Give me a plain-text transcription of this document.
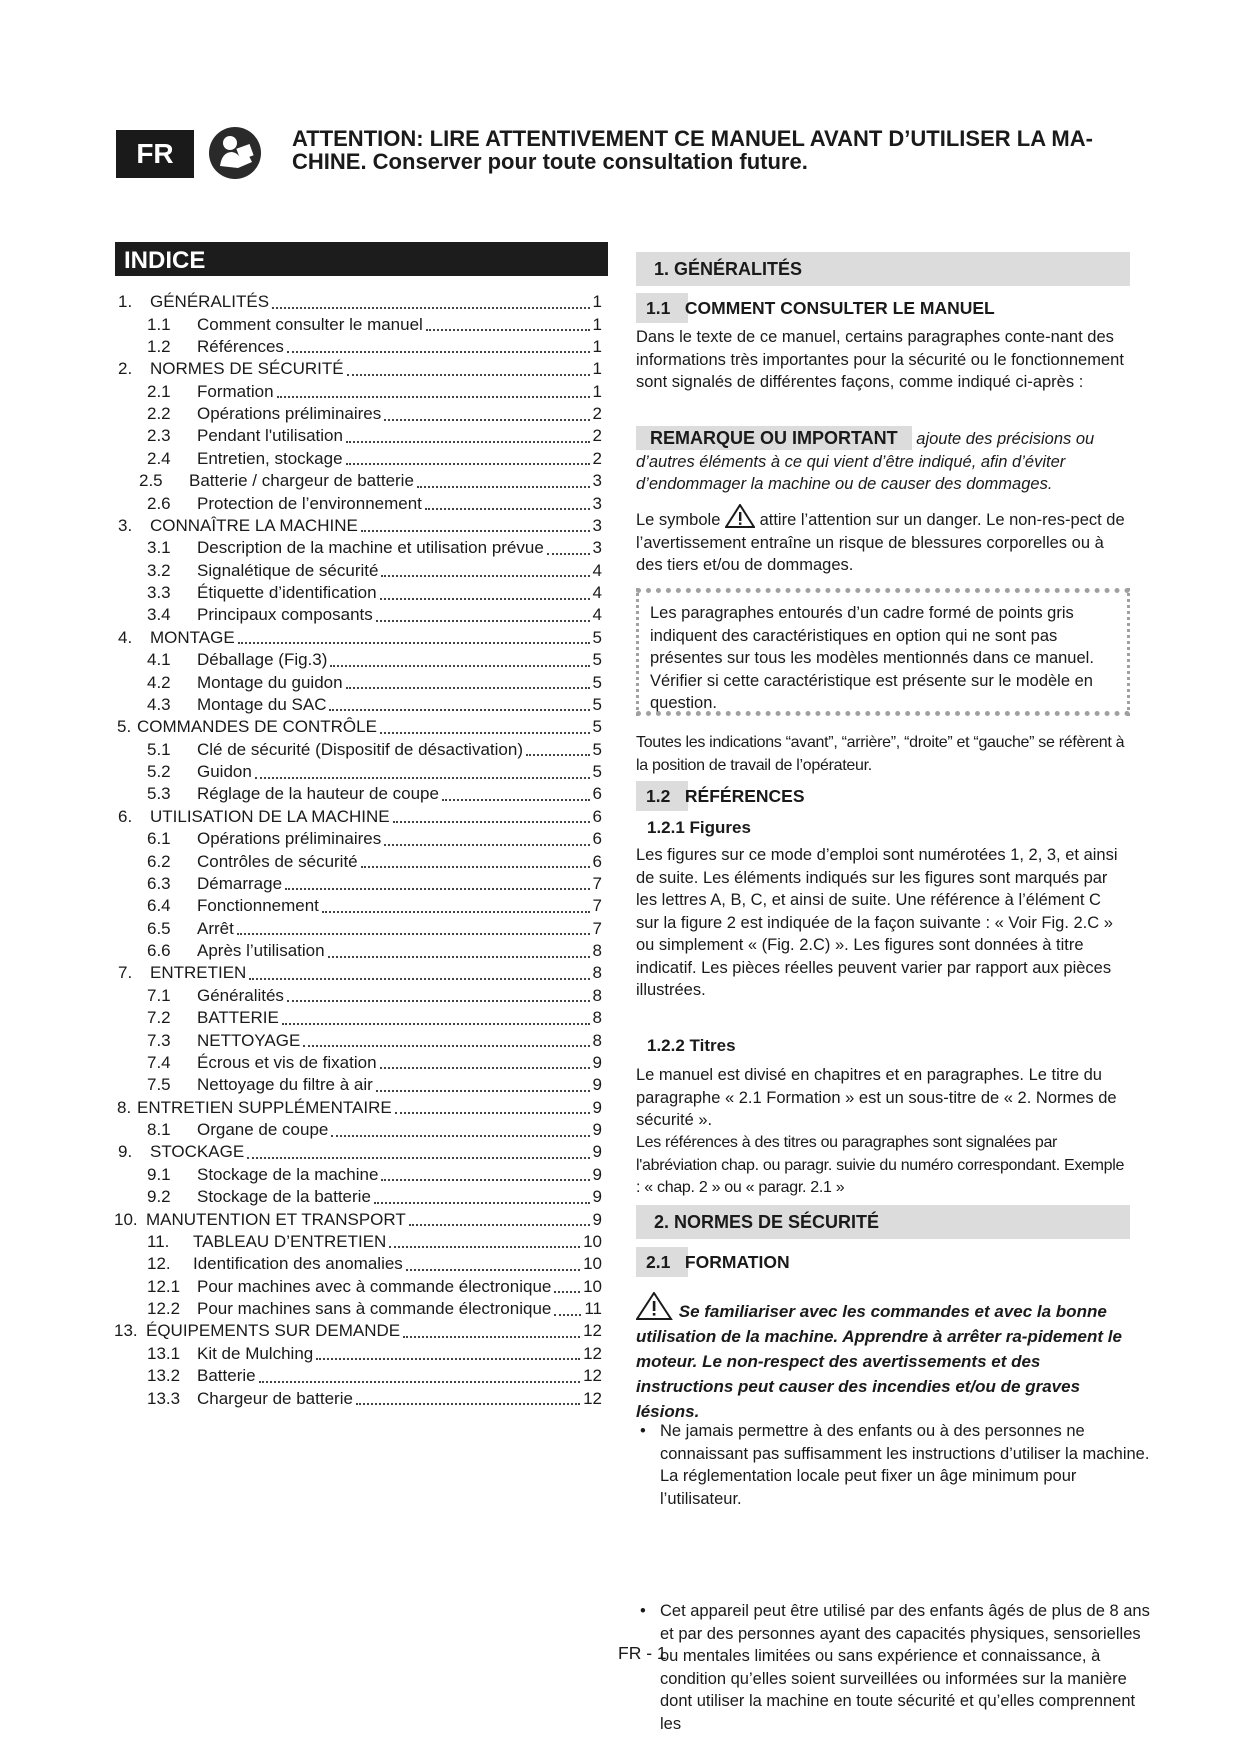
FR	ATTENTION: LIRE ATTENTIVEMENT CE MANUEL AVANT D’UTILISER LA MA-CHINE. Conserver pour toute consultation future.
INDICE
1.	GÉNÉRALITÉS	1
1.1	Comment consulter le manuel	1
1.2	Références	1
2.	NORMES DE SÉCURITÉ	1
2.1	Formation	1
2.2	Opérations préliminaires	2
2.3	Pendant l'utilisation	2
2.4	Entretien, stockage	2
2.5	Batterie / chargeur de batterie	3
2.6	Protection de l’environnement	3
3.	CONNAÎTRE LA MACHINE	3
3.1	Description de la machine et utilisation prévue	3
3.2	Signalétique de sécurité	4
3.3	Étiquette d’identification	4
3.4	Principaux composants	4
4.	MONTAGE	5
4.1	Déballage (Fig.3)	5
4.2	Montage du guidon	5
4.3	Montage du SAC	5
5. COMMANDES DE CONTRÔLE	5
5.1	Clé de sécurité (Dispositif de désactivation)	5
5.2	Guidon	5
5.3	Réglage de la hauteur de coupe	6
6.	UTILISATION DE LA MACHINE	6
6.1	Opérations préliminaires	6
6.2	Contrôles de sécurité	6
6.3	Démarrage	7
6.4	Fonctionnement	7
6.5	Arrêt	7
6.6	Après l’utilisation	8
7.	ENTRETIEN	8
7.1	Généralités	8
7.2	BATTERIE	8
7.3	NETTOYAGE	8
7.4	Écrous et vis de fixation	9
7.5	Nettoyage du filtre à air	9
8. ENTRETIEN SUPPLÉMENTAIRE	9
8.1	Organe de coupe	9
9.	STOCKAGE	9
9.1	Stockage de la machine	9
9.2	Stockage de la batterie	9
10. MANUTENTION ET TRANSPORT	9
11.	TABLEAU D’ENTRETIEN	10
12.	Identification des anomalies	10
12.1 Pour machines avec à commande électronique 10
12.2 Pour machines sans à commande électronique 11
13. ÉQUIPEMENTS SUR DEMANDE	12
13.1 Kit de Mulching	12
13.2 Batterie	12
13.3 Chargeur de batterie	12
1. GÉNÉRALITÉS
1.1 COMMENT CONSULTER LE MANUEL
Dans le texte de ce manuel, certains paragraphes conte-nant des informations très importantes pour la sécurité ou le fonctionnement sont signalés de différentes façons, comme indiqué ci-après :
REMARQUE OU IMPORTANT ajoute des précisions ou d’autres éléments à ce qui vient d’être indiqué, afin d’éviter d’endommager la machine ou de causer des dommages.
Le symbole attire l’attention sur un danger. Le non-res-pect de l’avertissement entraîne un risque de blessures corporelles ou à des tiers et/ou de dommages.
Les paragraphes entourés d’un cadre formé de points gris indiquent des caractéristiques en option qui ne sont pas présentes sur tous les modèles mentionnés dans ce manuel. Vérifier si cette caractéristique est présente sur le modèle en question.
Toutes les indications “avant”, “arrière”, “droite” et “gauche” se réfèrent à la position de travail de l’opérateur.
1.2 RÉFÉRENCES
1.2.1 Figures
Les figures sur ce mode d’emploi sont numérotées 1, 2, 3, et ainsi de suite. Les éléments indiqués sur les figures sont marqués par les lettres A, B, C, et ainsi de suite. Une référence à l’élément C sur la figure 2 est indiquée de la façon suivante : « Voir Fig. 2.C » ou simplement « (Fig. 2.C) ». Les figures sont données à titre indicatif. Les pièces réelles peuvent varier par rapport aux pièces illustrées.
1.2.2 Titres
Le manuel est divisé en chapitres et en paragraphes. Le titre du paragraphe « 2.1 Formation » est un sous-titre de « 2. Normes de sécurité ».
Les références à des titres ou paragraphes sont signalées par l'abréviation chap. ou paragr. suivie du numéro correspondant. Exemple : « chap. 2 » ou « paragr. 2.1 »
2. NORMES DE SÉCURITÉ
2.1 FORMATION
Se familiariser avec les commandes et avec la bonne utilisation de la machine. Apprendre à arrêter ra-pidement le moteur. Le non-respect des avertissements et des instructions peut causer des incendies et/ou de graves lésions.
• Ne jamais permettre à des enfants ou à des personnes ne connaissant pas suffisamment les instructions d’utiliser la machine. La réglementation locale peut fixer un âge minimum pour l’utilisateur.
• Cet appareil peut être utilisé par des enfants âgés de plus de 8 ans et par des personnes ayant des capacités physiques, sensorielles ou mentales limitées ou sans expérience et connaissance, à condition qu’elles soient surveillées ou informées sur la manière dont utiliser la machine en toute sécurité et qu’elles comprennent les
FR - 1
